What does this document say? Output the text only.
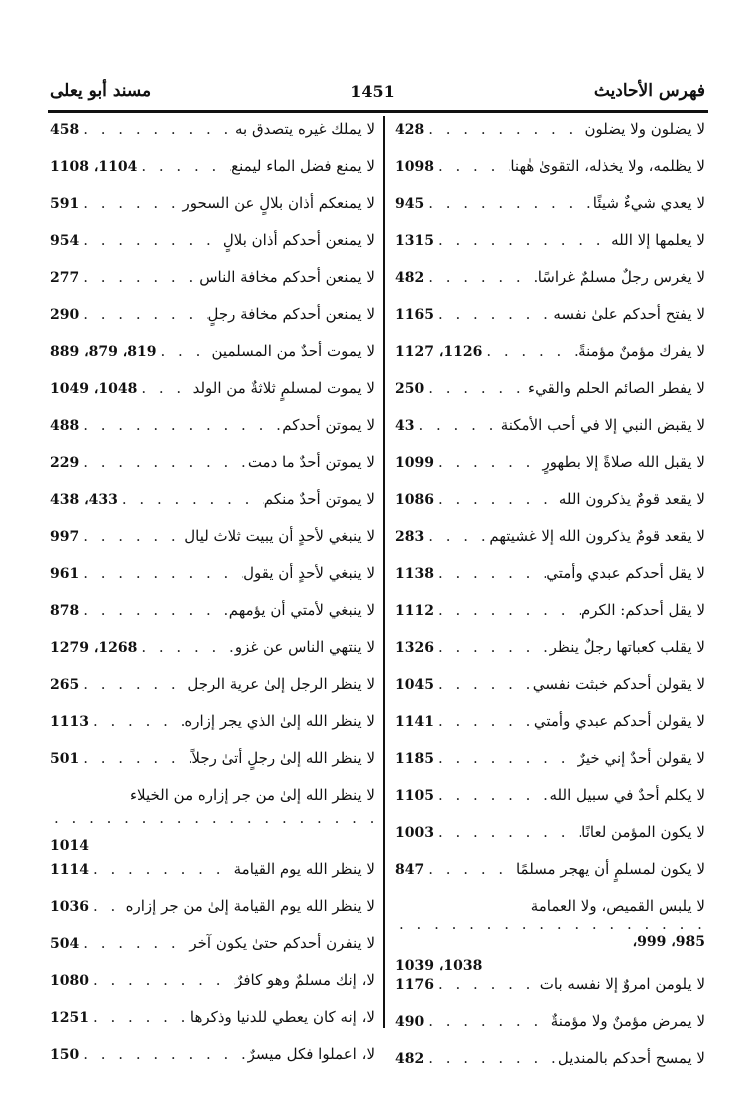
فهرس الأحاديث
1451
مسند أبو يعلى
لا يضلون ولا يضلون
. . .
428
لا يظلمه، ولا يخذله، التقوىٰ هٰهنا
. . .
1098
لا يعدي شيءٌ شيئًا
. . .
945
لا يعلمها إلا الله
. . .
1315
لا يغرس رجلٌ مسلمٌ غراسًا
. . .
482
لا يفتح أحدكم علىٰ نفسه
. . .
1165
لا يفرك مؤمنٌ مؤمنةً
. . .
1126، 1127
لا يفطر الصائم الحلم والقيء
. . .
250
لا يقبض النبي إلا في أحب الأمكنة
. . .
43
لا يقبل الله صلاةً إلا بطهورٍ
. . .
1099
لا يقعد قومٌ يذكرون الله
. . .
1086
لا يقعد قومٌ يذكرون الله إلا غشيتهم
. . .
283
لا يقل أحدكم عبدي وأمتي
. . .
1138
لا يقل أحدكم: الكرم
. . .
1112
لا يقلب كعباتها رجلٌ ينظر
. . .
1326
لا يقولن أحدكم خبثت نفسي
. . .
1045
لا يقولن أحدكم عبدي وأمتي
. . .
1141
لا يقولن أحدٌ إني خيرٌ
. . .
1185
لا يكلم أحدٌ في سبيل الله
. . .
1105
لا يكون المؤمن لعانًا
. . .
1003
لا يكون لمسلمٍ أن يهجر مسلمًا
. . .
847
لا يلبس القميص، ولا العمامة
. . .
985، 999،
1038، 1039
لا يلومن امروٌ إلا نفسه بات
. . .
1176
لا يمرض مؤمنٌ ولا مؤمنةٌ
. . .
490
لا يمسح أحدكم بالمنديل
. . .
482
لا يملك غيره يتصدق به
. . .
458
لا يمنع فضل الماء ليمنع
. . .
1104، 1108
لا يمنعكم أذان بلالٍ عن السحور
. . .
591
لا يمنعن أحدكم أذان بلالٍ
. . .
954
لا يمنعن أحدكم مخافة الناس
. . .
277
لا يمنعن أحدكم مخافة رجلٍ
. . .
290
لا يموت أحدٌ من المسلمين
. . .
819، 879، 889
لا يموت لمسلمٍ ثلاثةٌ من الولد
. . .
1048، 1049
لا يموتن أحدكم
. . .
488
لا يموتن أحدٌ ما دمت
. . .
229
لا يموتن أحدٌ منكم
. . .
433، 438
لا ينبغي لأحدٍ أن يبيت ثلاث ليال
. . .
997
لا ينبغي لأحدٍ أن يقول
. . .
961
لا ينبغي لأمتي أن يؤمهم
. . .
878
لا ينتهي الناس عن غزو
. . .
1268، 1279
لا ينظر الرجل إلىٰ عرية الرجل
. . .
265
لا ينظر الله إلىٰ الذي يجر إزاره
. . .
1113
لا ينظر الله إلىٰ رجلٍ أتىٰ رجلاً
. . .
501
لا ينظر الله إلىٰ من جر إزاره من الخيلاء
. . .
1014
لا ينظر الله يوم القيامة
. . .
1114
لا ينظر الله يوم القيامة إلىٰ من جر إزاره
. . .
1036
لا ينفرن أحدكم حتىٰ يكون آخر
. . .
504
لا، إنك مسلمٌ وهو كافرٌ
. . .
1080
لا، إنه كان يعطي للدنيا وذكرها
. . .
1251
لا، اعملوا فكل ميسرٌ
. . .
150
